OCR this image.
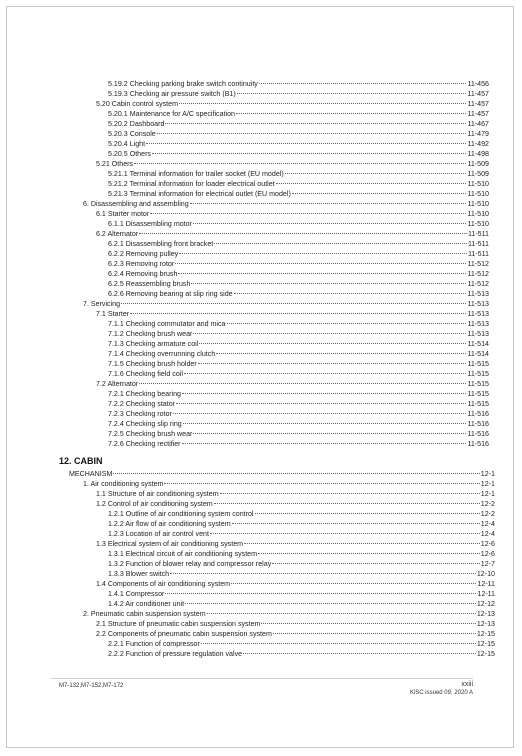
5.19.2 Checking parking brake switch continuity	11-456
5.19.3 Checking air pressure switch (B1)	11-457
5.20 Cabin control system	11-457
5.20.1 Maintenance for A/C specification	11-457
5.20.2 Dashboard	11-467
5.20.3 Console	11-479
5.20.4 Light	11-492
5.20.5 Others	11-498
5.21 Others	11-509
5.21.1 Terminal information for trailer socket (EU model)	11-509
5.21.2 Terminal information for loader electrical outlet	11-510
5.21.3 Terminal information for electrical outlet (EU model)	11-510
6. Disassembling and assembling	11-510
6.1 Starter motor	11-510
6.1.1 Disassembling motor	11-510
6.2 Alternator	11-511
6.2.1 Disassembling front bracket	11-511
6.2.2 Removing pulley	11-511
6.2.3 Removing rotor	11-512
6.2.4 Removing brush	11-512
6.2.5 Reassembling brush	11-512
6.2.6 Removing bearing at slip ring side	11-513
7. Servicing	11-513
7.1 Starter	11-513
7.1.1 Checking commutator and mica	11-513
7.1.2 Checking brush wear	11-513
7.1.3 Checking armature coil	11-514
7.1.4 Checking overrunning clutch	11-514
7.1.5 Checking brush holder	11-515
7.1.6 Checking field coil	11-515
7.2 Alternator	11-515
7.2.1 Checking bearing	11-515
7.2.2 Checking stator	11-515
7.2.3 Checking rotor	11-516
7.2.4 Checking slip ring	11-516
7.2.5 Checking brush wear	11-516
7.2.6 Checking rectifier	11-516
12. CABIN
MECHANISM	12-1
1. Air conditioning system	12-1
1.1 Structure of air conditioning system	12-1
1.2 Control of air conditioning system	12-2
1.2.1 Outline of air conditioning system control	12-2
1.2.2 Air flow of air conditioning system	12-4
1.2.3 Location of air control vent	12-4
1.3 Electrical system of air conditioning system	12-6
1.3.1 Electrical circuit of air conditioning system	12-6
1.3.2 Function of blower relay and compressor relay	12-7
1.3.3 Blower switch	12-10
1.4 Components of air conditioning system	12-11
1.4.1 Compressor	12-11
1.4.2 Air conditioner unit	12-12
2. Pneumatic cabin suspension system	12-13
2.1 Structure of pneumatic cabin suspension system	12-13
2.2 Components of pneumatic cabin suspension system	12-15
2.2.1 Function of compressor	12-15
2.2.2 Function of pressure regulation valve	12-15
M7-132,M7-152,M7-172	xxiii
KiSC issued 09, 2020 A
